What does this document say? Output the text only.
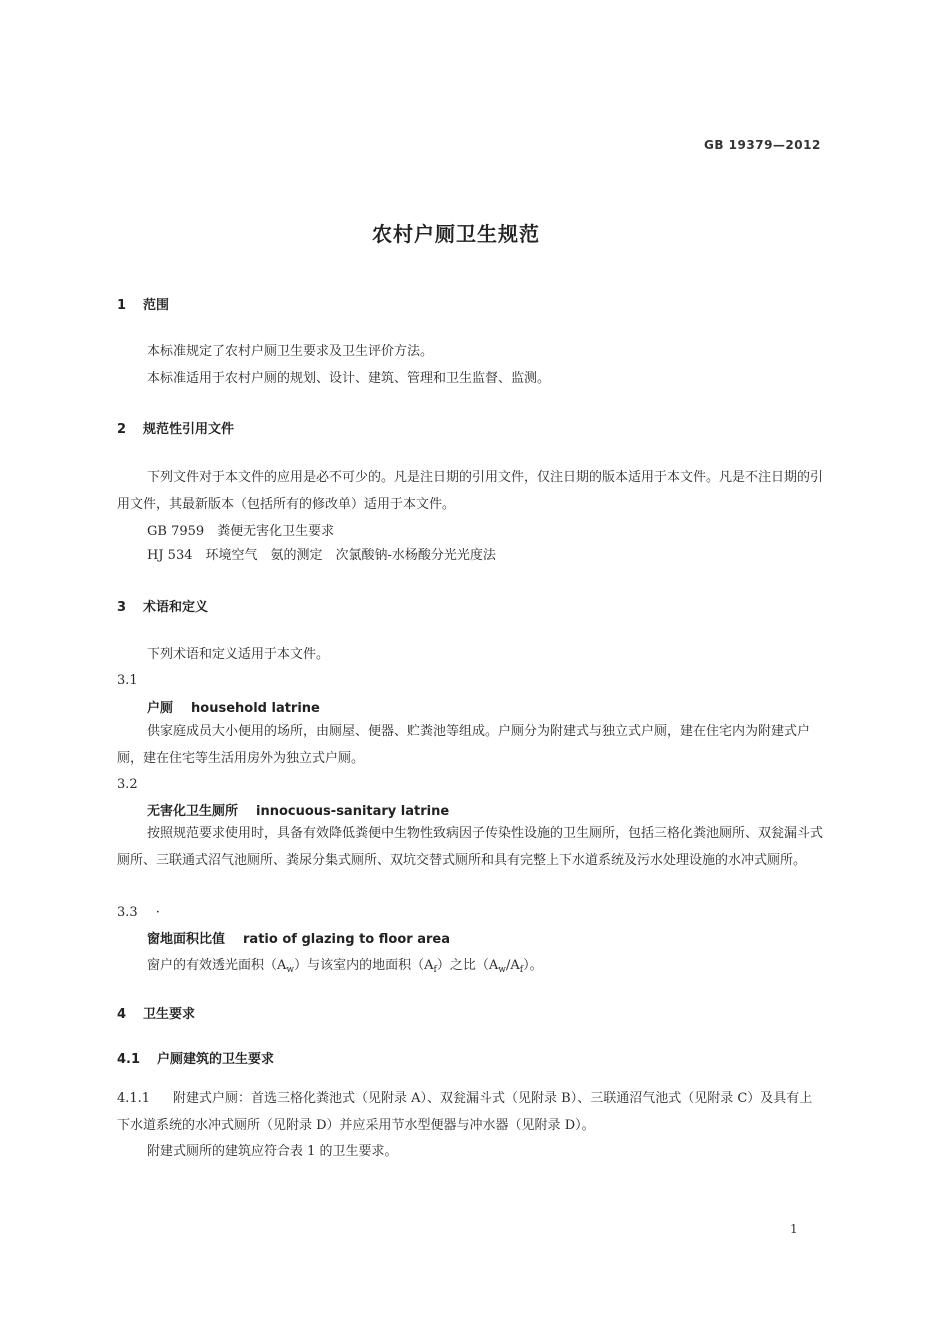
GB 19379—2012
农村户厕卫生规范
1 范围
本标准规定了农村户厕卫生要求及卫生评价方法。
本标准适用于农村户厕的规划、设计、建筑、管理和卫生监督、监测。
2 规范性引用文件
下列文件对于本文件的应用是必不可少的。凡是注日期的引用文件，仅注日期的版本适用于本文件。凡是不注日期的引用文件，其最新版本（包括所有的修改单）适用于本文件。
GB 7959　粪便无害化卫生要求
HJ 534　环境空气　氨的测定　次氯酸钠-水杨酸分光光度法
3 术语和定义
下列术语和定义适用于本文件。
3.1
户厕 household latrine
供家庭成员大小便用的场所，由厕屋、便器、贮粪池等组成。户厕分为附建式与独立式户厕，建在住宅内为附建式户厕，建在住宅等生活用房外为独立式户厕。
3.2
无害化卫生厕所 innocuous-sanitary latrine
按照规范要求使用时，具备有效降低粪便中生物性致病因子传染性设施的卫生厕所，包括三格化粪池厕所、双瓮漏斗式厕所、三联通式沼气池厕所、粪尿分集式厕所、双坑交替式厕所和具有完整上下水道系统及污水处理设施的水冲式厕所。
3.3 ·
窗地面积比值 ratio of glazing to floor area
窗户的有效透光面积$(A_w)$与该室内的地面积$(A_f)$之比$(A_w/A_f)$。
4 卫生要求
4.1 户厕建筑的卫生要求
4.1.1 附建式户厕：首选三格化粪池式（见附录 A）、双瓮漏斗式（见附录 B）、三联通沼气池式（见附录 C）及具有上下水道系统的水冲式厕所（见附录 D）并应采用节水型便器与冲水器（见附录 D）。
附建式厕所的建筑应符合表 1 的卫生要求。
1
